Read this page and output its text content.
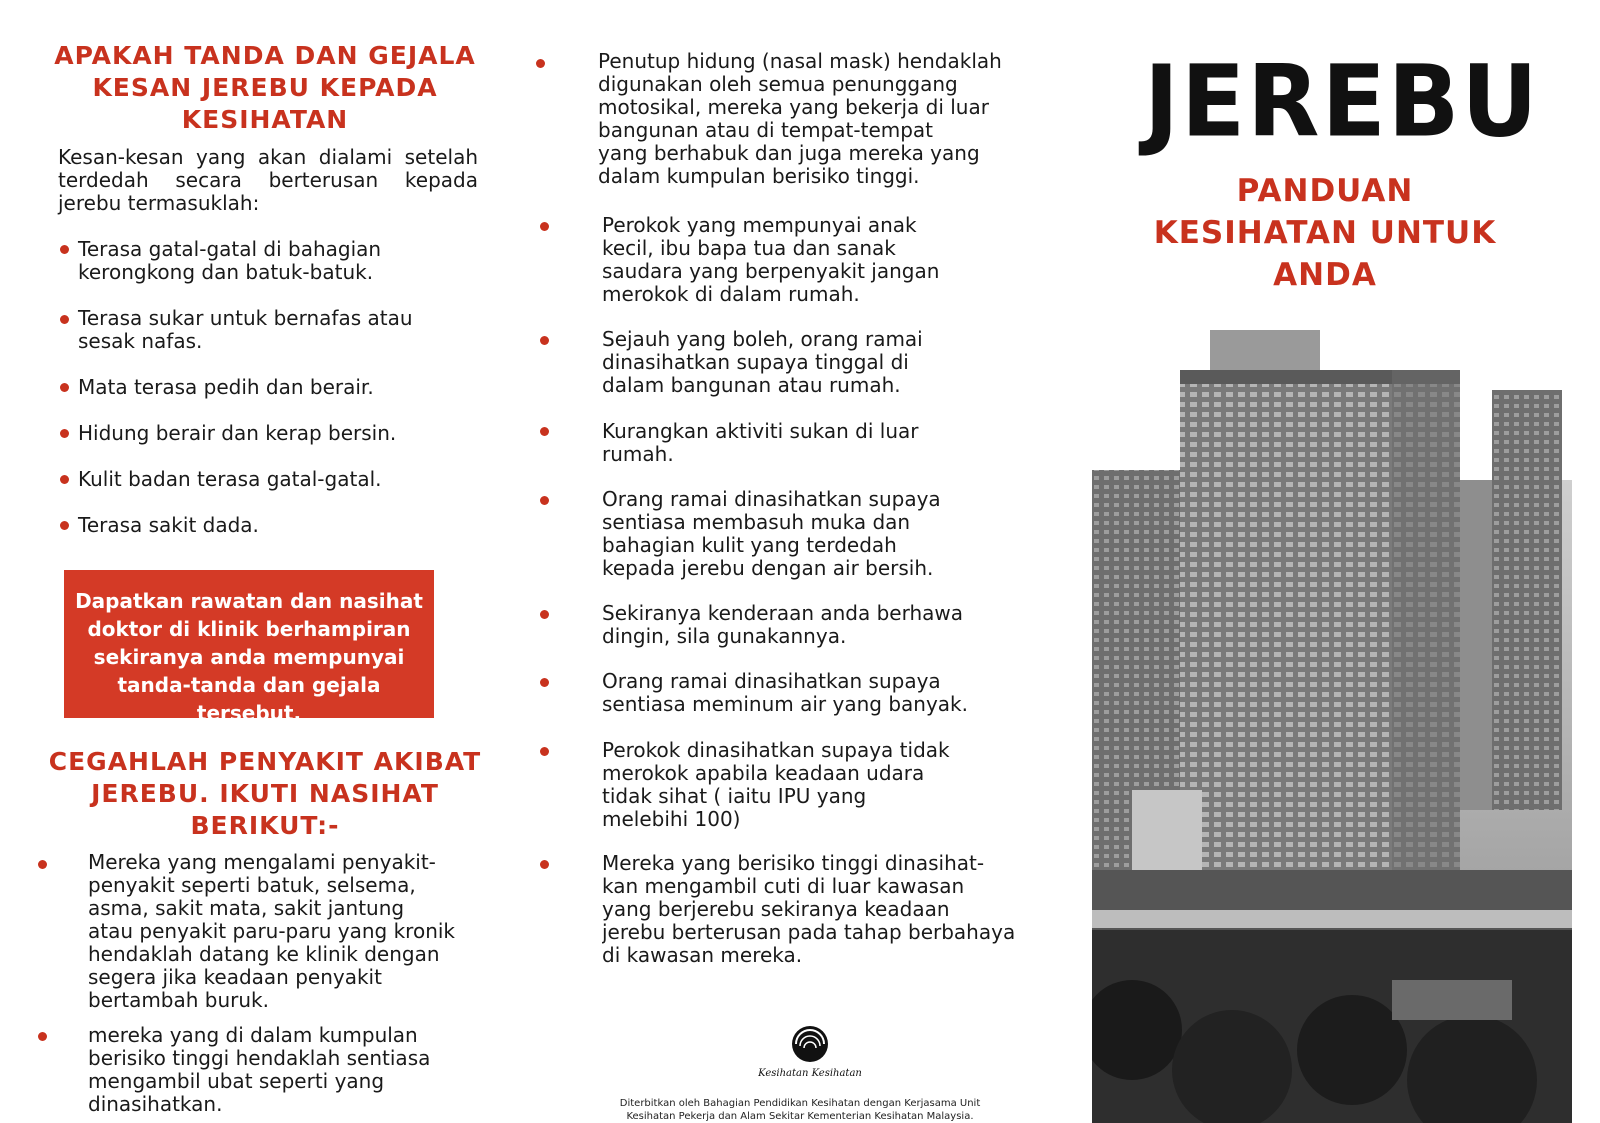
APAKAH TANDA DAN GEJALA
KESAN JEREBU KEPADA
KESIHATAN
Kesan-kesan yang akan dialami setelah terdedah secara berterusan kepada jerebu termasuklah:
Terasa gatal-gatal di bahagian
kerongkong dan batuk-batuk.
Terasa sukar untuk bernafas atau
sesak nafas.
Mata terasa pedih dan berair.
Hidung berair dan kerap bersin.
Kulit badan terasa gatal-gatal.
Terasa sakit dada.
Dapatkan rawatan dan nasihat
doktor di klinik berhampiran
sekiranya anda mempunyai
tanda-tanda dan gejala tersebut.
CEGAHLAH PENYAKIT AKIBAT
JEREBU. IKUTI NASIHAT
BERIKUT:-
Mereka yang mengalami penyakit-
penyakit seperti batuk, selsema,
asma, sakit mata, sakit jantung
atau penyakit paru-paru yang kronik
hendaklah datang ke klinik dengan
segera jika keadaan penyakit
bertambah buruk.
mereka yang di dalam kumpulan
berisiko tinggi hendaklah sentiasa
mengambil ubat seperti yang
dinasihatkan.
Penutup hidung (nasal mask) hendaklah
digunakan oleh semua penunggang
motosikal, mereka yang bekerja di luar
bangunan atau di tempat-tempat
yang berhabuk dan juga mereka yang
dalam kumpulan berisiko tinggi.
Perokok yang mempunyai anak
kecil, ibu bapa tua dan sanak
saudara yang berpenyakit jangan
merokok di dalam rumah.
Sejauh yang boleh, orang ramai
dinasihatkan supaya tinggal di
dalam bangunan atau rumah.
Kurangkan aktiviti sukan di luar
rumah.
Orang ramai dinasihatkan supaya
sentiasa membasuh muka dan
bahagian kulit yang terdedah
kepada jerebu dengan air bersih.
Sekiranya kenderaan anda berhawa
dingin, sila gunakannya.
Orang ramai dinasihatkan supaya
sentiasa meminum air yang banyak.
Perokok dinasihatkan supaya tidak
merokok apabila keadaan udara
tidak sihat ( iaitu IPU yang
melebihi 100)
Mereka yang berisiko tinggi dinasihat-
kan mengambil cuti di luar kawasan
yang berjerebu sekiranya keadaan
jerebu berterusan pada tahap berbahaya
di kawasan mereka.
Kesihatan Kesihatan
Diterbitkan oleh Bahagian Pendidikan Kesihatan dengan Kerjasama Unit
Kesihatan Pekerja dan Alam Sekitar Kementerian Kesihatan Malaysia.
JEREBU
PANDUAN
KESIHATAN UNTUK
ANDA
